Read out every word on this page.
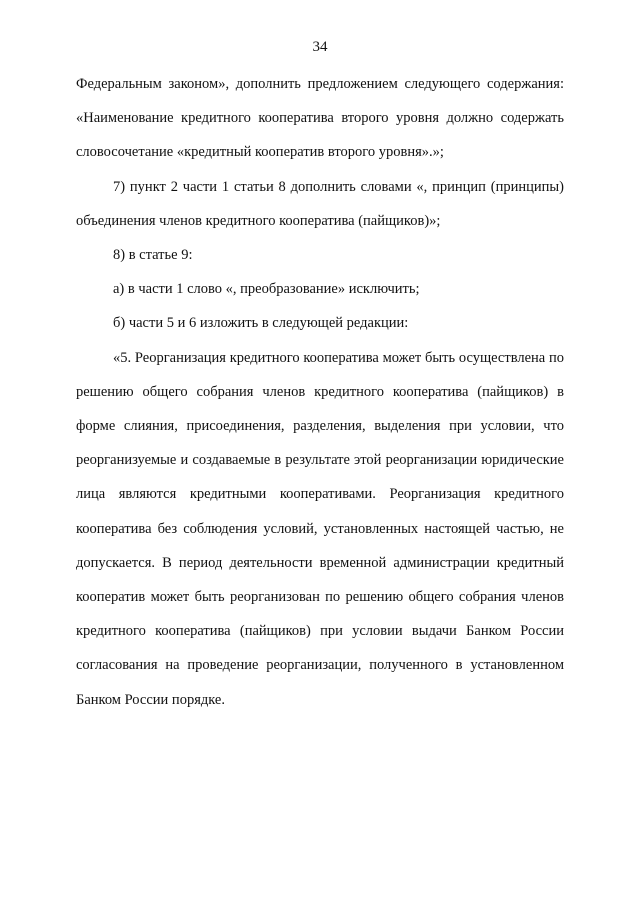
34

Федеральным законом», дополнить предложением следующего содержания: «Наименование кредитного кооператива второго уровня должно содержать словосочетание «кредитный кооператив второго уровня».»;

7) пункт 2 части 1 статьи 8 дополнить словами «, принцип (принципы) объединения членов кредитного кооператива (пайщиков)»;

8) в статье 9:

а) в части 1 слово «, преобразование» исключить;

б) части 5 и 6 изложить в следующей редакции:

«5. Реорганизация кредитного кооператива может быть осуществлена по решению общего собрания членов кредитного кооператива (пайщиков) в форме слияния, присоединения, разделения, выделения при условии, что реорганизуемые и создаваемые в результате этой реорганизации юридические лица являются кредитными кооперативами. Реорганизация кредитного кооператива без соблюдения условий, установленных настоящей частью, не допускается. В период деятельности временной администрации кредитный кооператив может быть реорганизован по решению общего собрания членов кредитного кооператива (пайщиков) при условии выдачи Банком России согласования на проведение реорганизации, полученного в установленном Банком России порядке.
